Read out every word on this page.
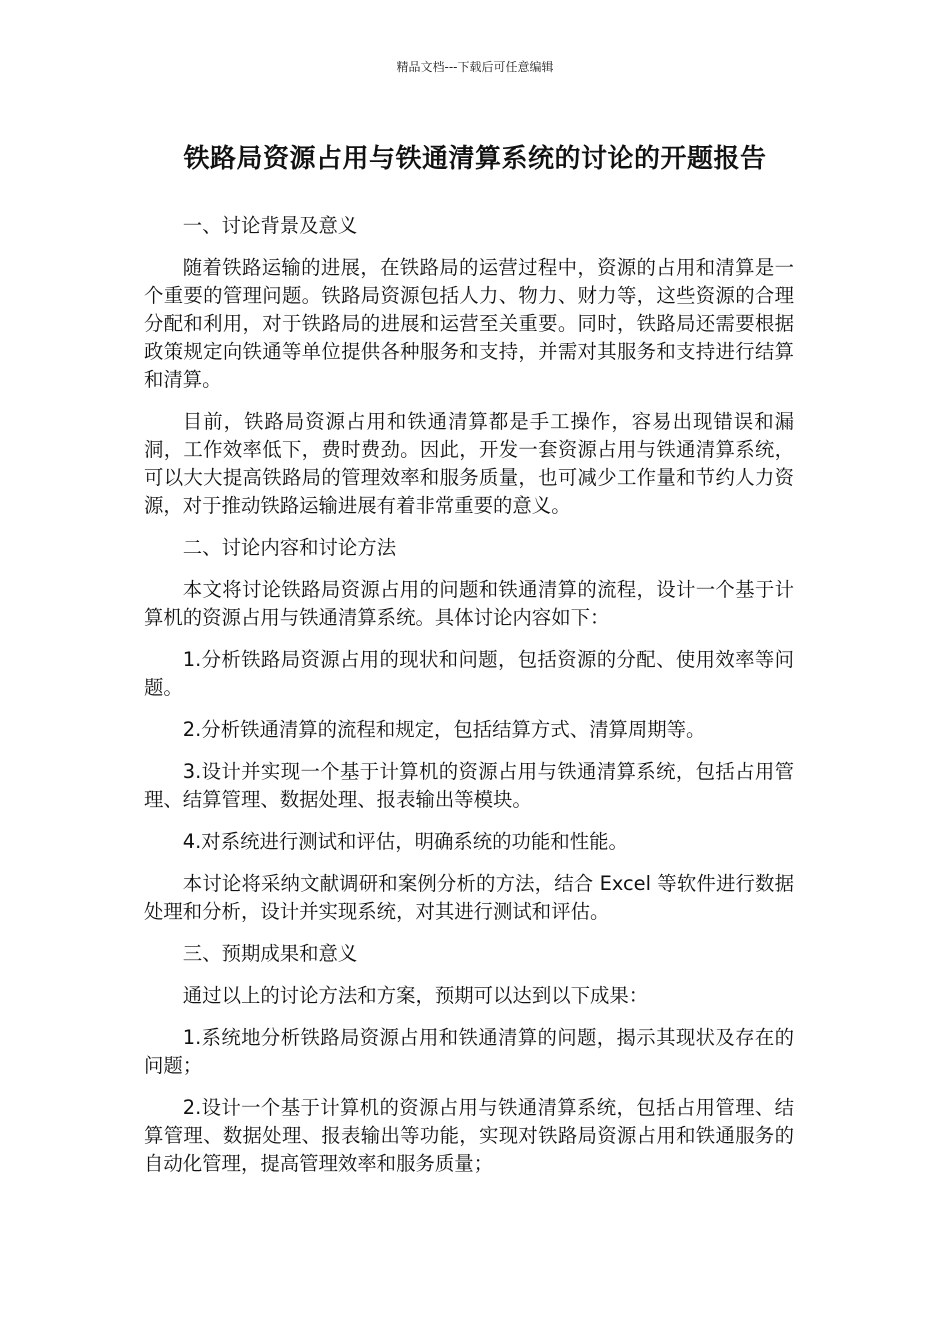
精品文档---下载后可任意编辑
铁路局资源占用与铁通清算系统的讨论的开题报告

一、讨论背景及意义

随着铁路运输的进展，在铁路局的运营过程中，资源的占用和清算是一个重要的管理问题。铁路局资源包括人力、物力、财力等，这些资源的合理分配和利用，对于铁路局的进展和运营至关重要。同时，铁路局还需要根据政策规定向铁通等单位提供各种服务和支持，并需对其服务和支持进行结算和清算。

目前，铁路局资源占用和铁通清算都是手工操作，容易出现错误和漏洞，工作效率低下，费时费劲。因此，开发一套资源占用与铁通清算系统，可以大大提高铁路局的管理效率和服务质量，也可减少工作量和节约人力资源，对于推动铁路运输进展有着非常重要的意义。

二、讨论内容和讨论方法

本文将讨论铁路局资源占用的问题和铁通清算的流程，设计一个基于计算机的资源占用与铁通清算系统。具体讨论内容如下：

1.分析铁路局资源占用的现状和问题，包括资源的分配、使用效率等问题。

2.分析铁通清算的流程和规定，包括结算方式、清算周期等。

3.设计并实现一个基于计算机的资源占用与铁通清算系统，包括占用管理、结算管理、数据处理、报表输出等模块。

4.对系统进行测试和评估，明确系统的功能和性能。

本讨论将采纳文献调研和案例分析的方法，结合 Excel 等软件进行数据处理和分析，设计并实现系统，对其进行测试和评估。

三、预期成果和意义

通过以上的讨论方法和方案，预期可以达到以下成果：

1.系统地分析铁路局资源占用和铁通清算的问题，揭示其现状及存在的问题；

2.设计一个基于计算机的资源占用与铁通清算系统，包括占用管理、结算管理、数据处理、报表输出等功能，实现对铁路局资源占用和铁通服务的自动化管理，提高管理效率和服务质量；
